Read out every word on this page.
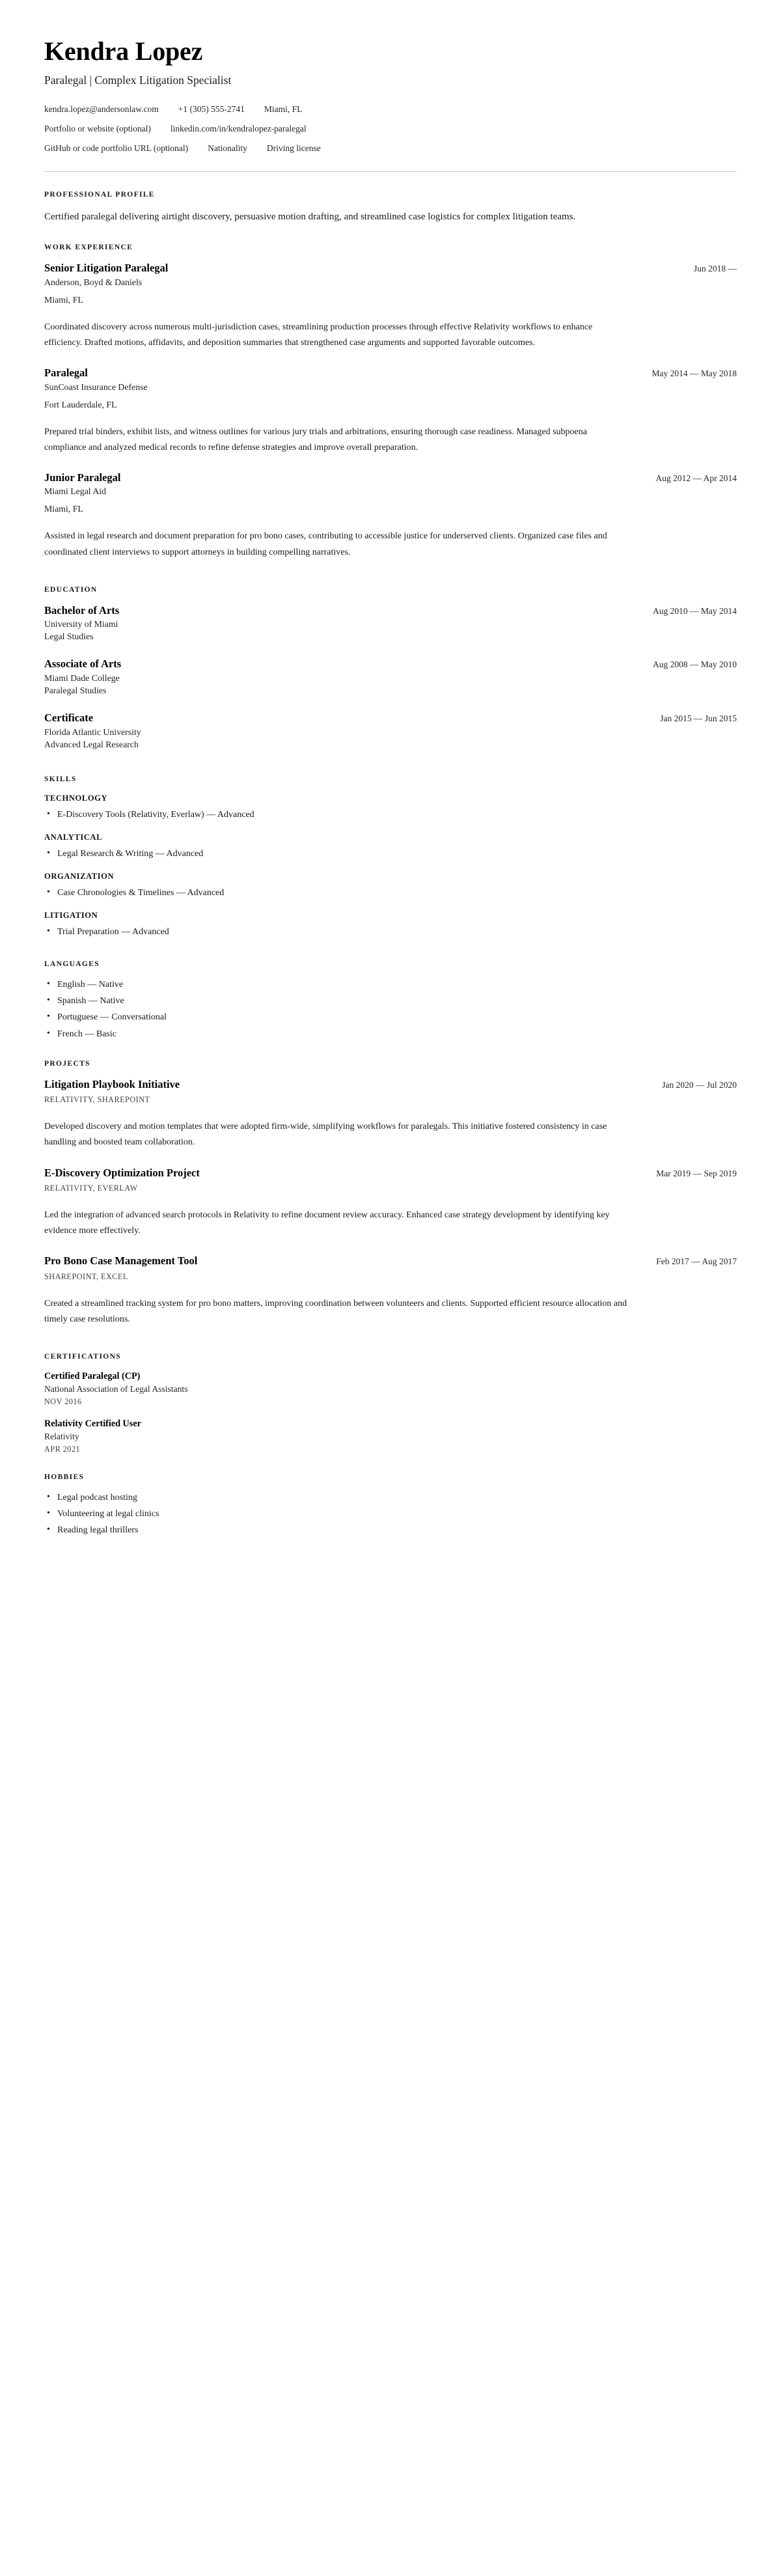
Kendra Lopez
Paralegal | Complex Litigation Specialist
kendra.lopez@andersonlaw.com +1 (305) 555-2741 Miami, FL
Portfolio or website (optional) linkedin.com/in/kendralopez-paralegal
GitHub or code portfolio URL (optional) Nationality Driving license
PROFESSIONAL PROFILE

Certified paralegal delivering airtight discovery, persuasive motion drafting, and streamlined case logistics for complex litigation teams.

WORK EXPERIENCE
Senior Litigation Paralegal	Jun 2018 —
Anderson, Boyd & Daniels
Miami, FL
Coordinated discovery across numerous multi-jurisdiction cases, streamlining production processes through effective Relativity workflows to enhance efficiency. Drafted motions, affidavits, and deposition summaries that strengthened case arguments and supported favorable outcomes.
Paralegal	May 2014 — May 2018
SunCoast Insurance Defense
Fort Lauderdale, FL
Prepared trial binders, exhibit lists, and witness outlines for various jury trials and arbitrations, ensuring thorough case readiness. Managed subpoena compliance and analyzed medical records to refine defense strategies and improve overall preparation.
Junior Paralegal	Aug 2012 — Apr 2014
Miami Legal Aid
Miami, FL
Assisted in legal research and document preparation for pro bono cases, contributing to accessible justice for underserved clients. Organized case files and coordinated client interviews to support attorneys in building compelling narratives.
EDUCATION
Bachelor of Arts	Aug 2010 — May 2014
University of Miami
Legal Studies
Associate of Arts	Aug 2008 — May 2010
Miami Dade College
Paralegal Studies
Certificate	Jan 2015 — Jun 2015
Florida Atlantic University
Advanced Legal Research
SKILLS
TECHNOLOGY
• E-Discovery Tools (Relativity, Everlaw) — Advanced
ANALYTICAL
• Legal Research & Writing — Advanced
ORGANIZATION
• Case Chronologies & Timelines — Advanced
LITIGATION
• Trial Preparation — Advanced
LANGUAGES
• English — Native
• Spanish — Native
• Portuguese — Conversational
• French — Basic
PROJECTS
Litigation Playbook Initiative	Jan 2020 — Jul 2020
RELATIVITY, SHAREPOINT
Developed discovery and motion templates that were adopted firm-wide, simplifying workflows for paralegals. This initiative fostered consistency in case handling and boosted team collaboration.
E-Discovery Optimization Project	Mar 2019 — Sep 2019
RELATIVITY, EVERLAW
Led the integration of advanced search protocols in Relativity to refine document review accuracy. Enhanced case strategy development by identifying key evidence more effectively.
Pro Bono Case Management Tool	Feb 2017 — Aug 2017
SHAREPOINT, EXCEL
Created a streamlined tracking system for pro bono matters, improving coordination between volunteers and clients. Supported efficient resource allocation and timely case resolutions.
CERTIFICATIONS
Certified Paralegal (CP)
National Association of Legal Assistants
NOV 2016
Relativity Certified User
Relativity
APR 2021
HOBBIES
• Legal podcast hosting
• Volunteering at legal clinics
• Reading legal thrillers
